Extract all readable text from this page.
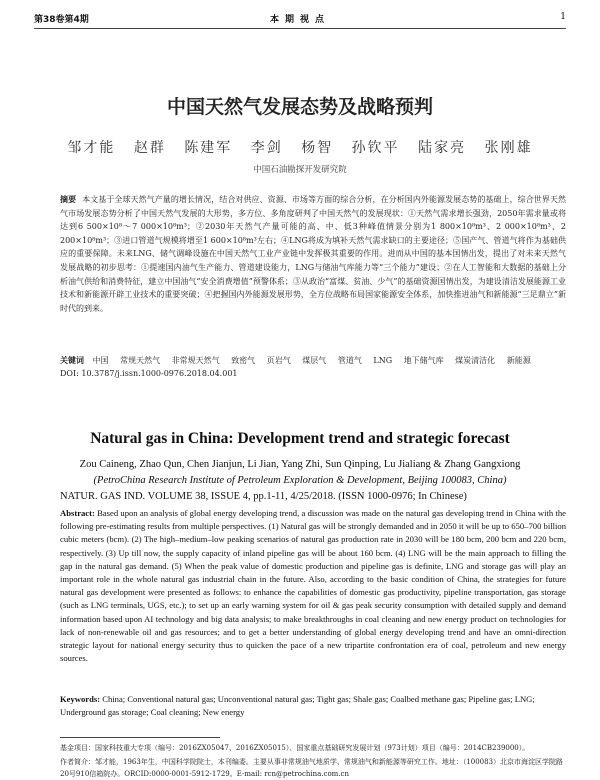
第38卷第4期	本期视点	1
中国天然气发展态势及战略预判
邹才能 赵群 陈建军 李剑 杨智 孙钦平 陆家亮 张刚雄
中国石油勘探开发研究院
摘要 本文基于全球天然气产量的增长情况，结合对供应、资源、市场等方面的综合分析，在分析国内外能源发展态势的基础上，综合世界天然气市场发展态势分析了中国天然气发展的大形势，多方位、多角度研判了中国天然气的发展现状：①天然气需求增长强劲，2050年需求量或将达到6 500×10⁸～7 000×10⁸m³；②2030年天然气产量可能的高、中、低3种峰值情景分别为1 800×10⁸m³、2 000×10⁸m³、2 200×10⁸m³；③进口管道气规模将增至1 600×10⁸m³左右；④LNG将成为填补天然气需求缺口的主要途径；⑤国产气、管道气将作为基础供应的重要保障。未来LNG、储气调峰设施在中国天然气工业产业链中发挥极其重要的作用。进而从中国的基本国情出发，提出了对未来天然气发展战略的初步思考：①提速国内油气生产能力、管道建设能力，LNG与储油气库能力等“三个能力”建设；②在人工智能和大数据的基础上分析油气供给和消费特征，建立中国油气“安全消费增值”预警体系；③从政治“富煤、贫油、少气”的基础资源国情出发，为建设清洁发展能源工业技术和新能源开辟工业技术的重要突破；④把握国内外能源发展形势，全方位战略布局国家能源安全体系，加快推进油气和新能源“三足鼎立”新时代的到来。
关键词 中国 常规天然气 非常规天然气 致密气 页岩气 煤层气 管道气 LNG 地下储气库 煤炭清洁化 新能源
DOI: 10.3787/j.issn.1000-0976.2018.04.001
Natural gas in China: Development trend and strategic forecast
Zou Caineng, Zhao Qun, Chen Jianjun, Li Jian, Yang Zhi, Sun Qinping, Lu Jialiang & Zhang Gangxiong
(PetroChina Research Institute of Petroleum Exploration & Development, Beijing 100083, China)
NATUR. GAS IND. VOLUME 38, ISSUE 4, pp.1-11, 4/25/2018. (ISSN 1000-0976; In Chinese)
Abstract: Based upon an analysis of global energy developing trend, a discussion was made on the natural gas developing trend in China with the following pre-estimating results from multiple perspectives. (1) Natural gas will be strongly demanded and in 2050 it will be up to 650–700 billion cubic meters (bcm). (2) The high–medium–low peaking scenarios of natural gas production rate in 2030 will be 180 bcm, 200 bcm and 220 bcm, respectively. (3) Up till now, the supply capacity of inland pipeline gas will be about 160 bcm. (4) LNG will be the main approach to filling the gap in the natural gas demand. (5) When the peak value of domestic production and pipeline gas is definite, LNG and storage gas will play an important role in the whole natural gas industrial chain in the future. Also, according to the basic condition of China, the strategies for future natural gas development were presented as follows: to enhance the capabilities of domestic gas productivity, pipeline transportation, gas storage (such as LNG terminals, UGS, etc.); to set up an early warning system for oil & gas peak security consumption with detailed supply and demand information based upon AI technology and big data analysis; to make breakthroughs in coal cleaning and new energy product on technologies for lack of non-renewable oil and gas resources; and to get a better understanding of global energy developing trend and have an omni-direction strategic layout for national energy security thus to quicken the pace of a new tripartite confrontation era of coal, petroleum and new energy sources.
Keywords: China; Conventional natural gas; Unconventional natural gas; Tight gas; Shale gas; Coalbed methane gas; Pipeline gas; LNG; Underground gas storage; Coal cleaning; New energy
基金项目：国家科技重大专项（编号：2016ZX05047、2016ZX05015）、国家重点基础研究发展计划（973计划）项目（编号：2014CB239000）。
作者简介：邹才能，1963年生，中国科学院院士，本刊编委。主要从事非常规油气地质学、常规油气和新能源等研究工作。地址：（100083）北京市海淀区学院路20号910信箱院办。ORCID:0000-0001-5912-1729。E-mail: rcn@petrochina.com.cn
